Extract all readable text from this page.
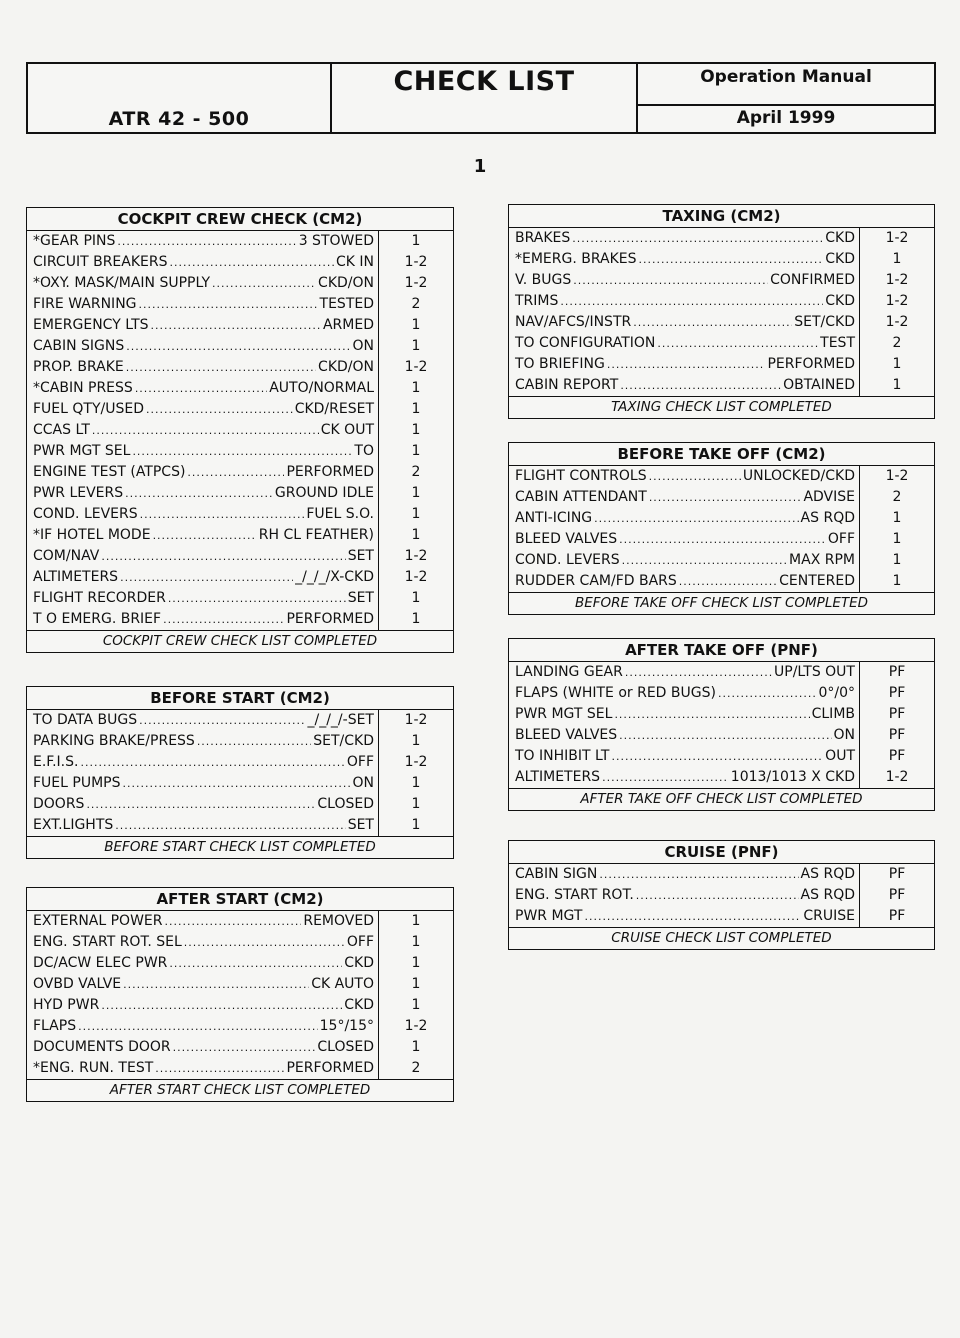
ATR 42 - 500
CHECK LIST	Operation Manual
April 1999
1
COCKPIT CREW CHECK (CM2)
*GEAR PINS .....	3 STOWED	1
CIRCUIT BREAKERS .....	CK IN	1-2
*OXY. MASK/MAIN SUPPLY .....	CKD/ON	1-2
FIRE WARNING .....	TESTED	2
EMERGENCY LTS .....	ARMED	1
CABIN SIGNS .....	ON	1
PROP. BRAKE .....	CKD/ON	1-2
*CABIN PRESS .....	AUTO/NORMAL	1
FUEL QTY/USED .....	CKD/RESET	1
CCAS LT .....	CK OUT	1
PWR MGT SEL .....	TO	1
ENGINE TEST (ATPCS) .....	PERFORMED	2
PWR LEVERS .....	GROUND IDLE	1
COND. LEVERS .....	FUEL S.O.	1
*IF HOTEL MODE .....	RH CL FEATHER)	1
COM/NAV .....	SET	1-2
ALTIMETERS .....	_/_/_/X-CKD	1-2
FLIGHT RECORDER .....	SET	1
T O EMERG. BRIEF .....	PERFORMED	1
COCKPIT CREW CHECK LIST COMPLETED
BEFORE START (CM2)
TO DATA BUGS .....	_/_/_/-SET	1-2
PARKING BRAKE/PRESS .....	SET/CKD	1
E.F.I.S. .....	OFF	1-2
FUEL PUMPS .....	ON	1
DOORS .....	CLOSED	1
EXT.LIGHTS .....	SET	1
BEFORE START CHECK LIST COMPLETED
AFTER START (CM2)
EXTERNAL POWER .....	REMOVED	1
ENG. START ROT. SEL .....	OFF	1
DC/ACW ELEC PWR .....	CKD	1
OVBD VALVE .....	CK AUTO	1
HYD PWR .....	CKD	1
FLAPS .....	15°/15°	1-2
DOCUMENTS DOOR .....	CLOSED	1
*ENG. RUN. TEST .....	PERFORMED	2
AFTER START CHECK LIST COMPLETED
TAXING (CM2)
BRAKES .....	CKD	1-2
*EMERG. BRAKES .....	CKD	1
V. BUGS .....	CONFIRMED	1-2
TRIMS .....	CKD	1-2
NAV/AFCS/INSTR .....	SET/CKD	1-2
TO CONFIGURATION .....	TEST	2
TO BRIEFING .....	PERFORMED	1
CABIN REPORT .....	OBTAINED	1
TAXING CHECK LIST COMPLETED
BEFORE TAKE OFF (CM2)
FLIGHT CONTROLS .....	UNLOCKED/CKD	1-2
CABIN ATTENDANT .....	ADVISE	2
ANTI-ICING .....	AS RQD	1
BLEED VALVES .....	OFF	1
COND. LEVERS .....	MAX RPM	1
RUDDER CAM/FD BARS .....	CENTERED	1
BEFORE TAKE OFF CHECK LIST COMPLETED
AFTER TAKE OFF (PNF)
LANDING GEAR .....	UP/LTS OUT	PF
FLAPS (WHITE or RED BUGS) .....	0°/0°	PF
PWR MGT SEL .....	CLIMB	PF
BLEED VALVES .....	ON	PF
TO INHIBIT LT .....	OUT	PF
ALTIMETERS .....	1013/1013 X CKD	1-2
AFTER TAKE OFF CHECK LIST COMPLETED
CRUISE (PNF)
CABIN SIGN .....	AS RQD	PF
ENG. START ROT. .....	AS RQD	PF
PWR MGT .....	CRUISE	PF
CRUISE CHECK LIST COMPLETED
